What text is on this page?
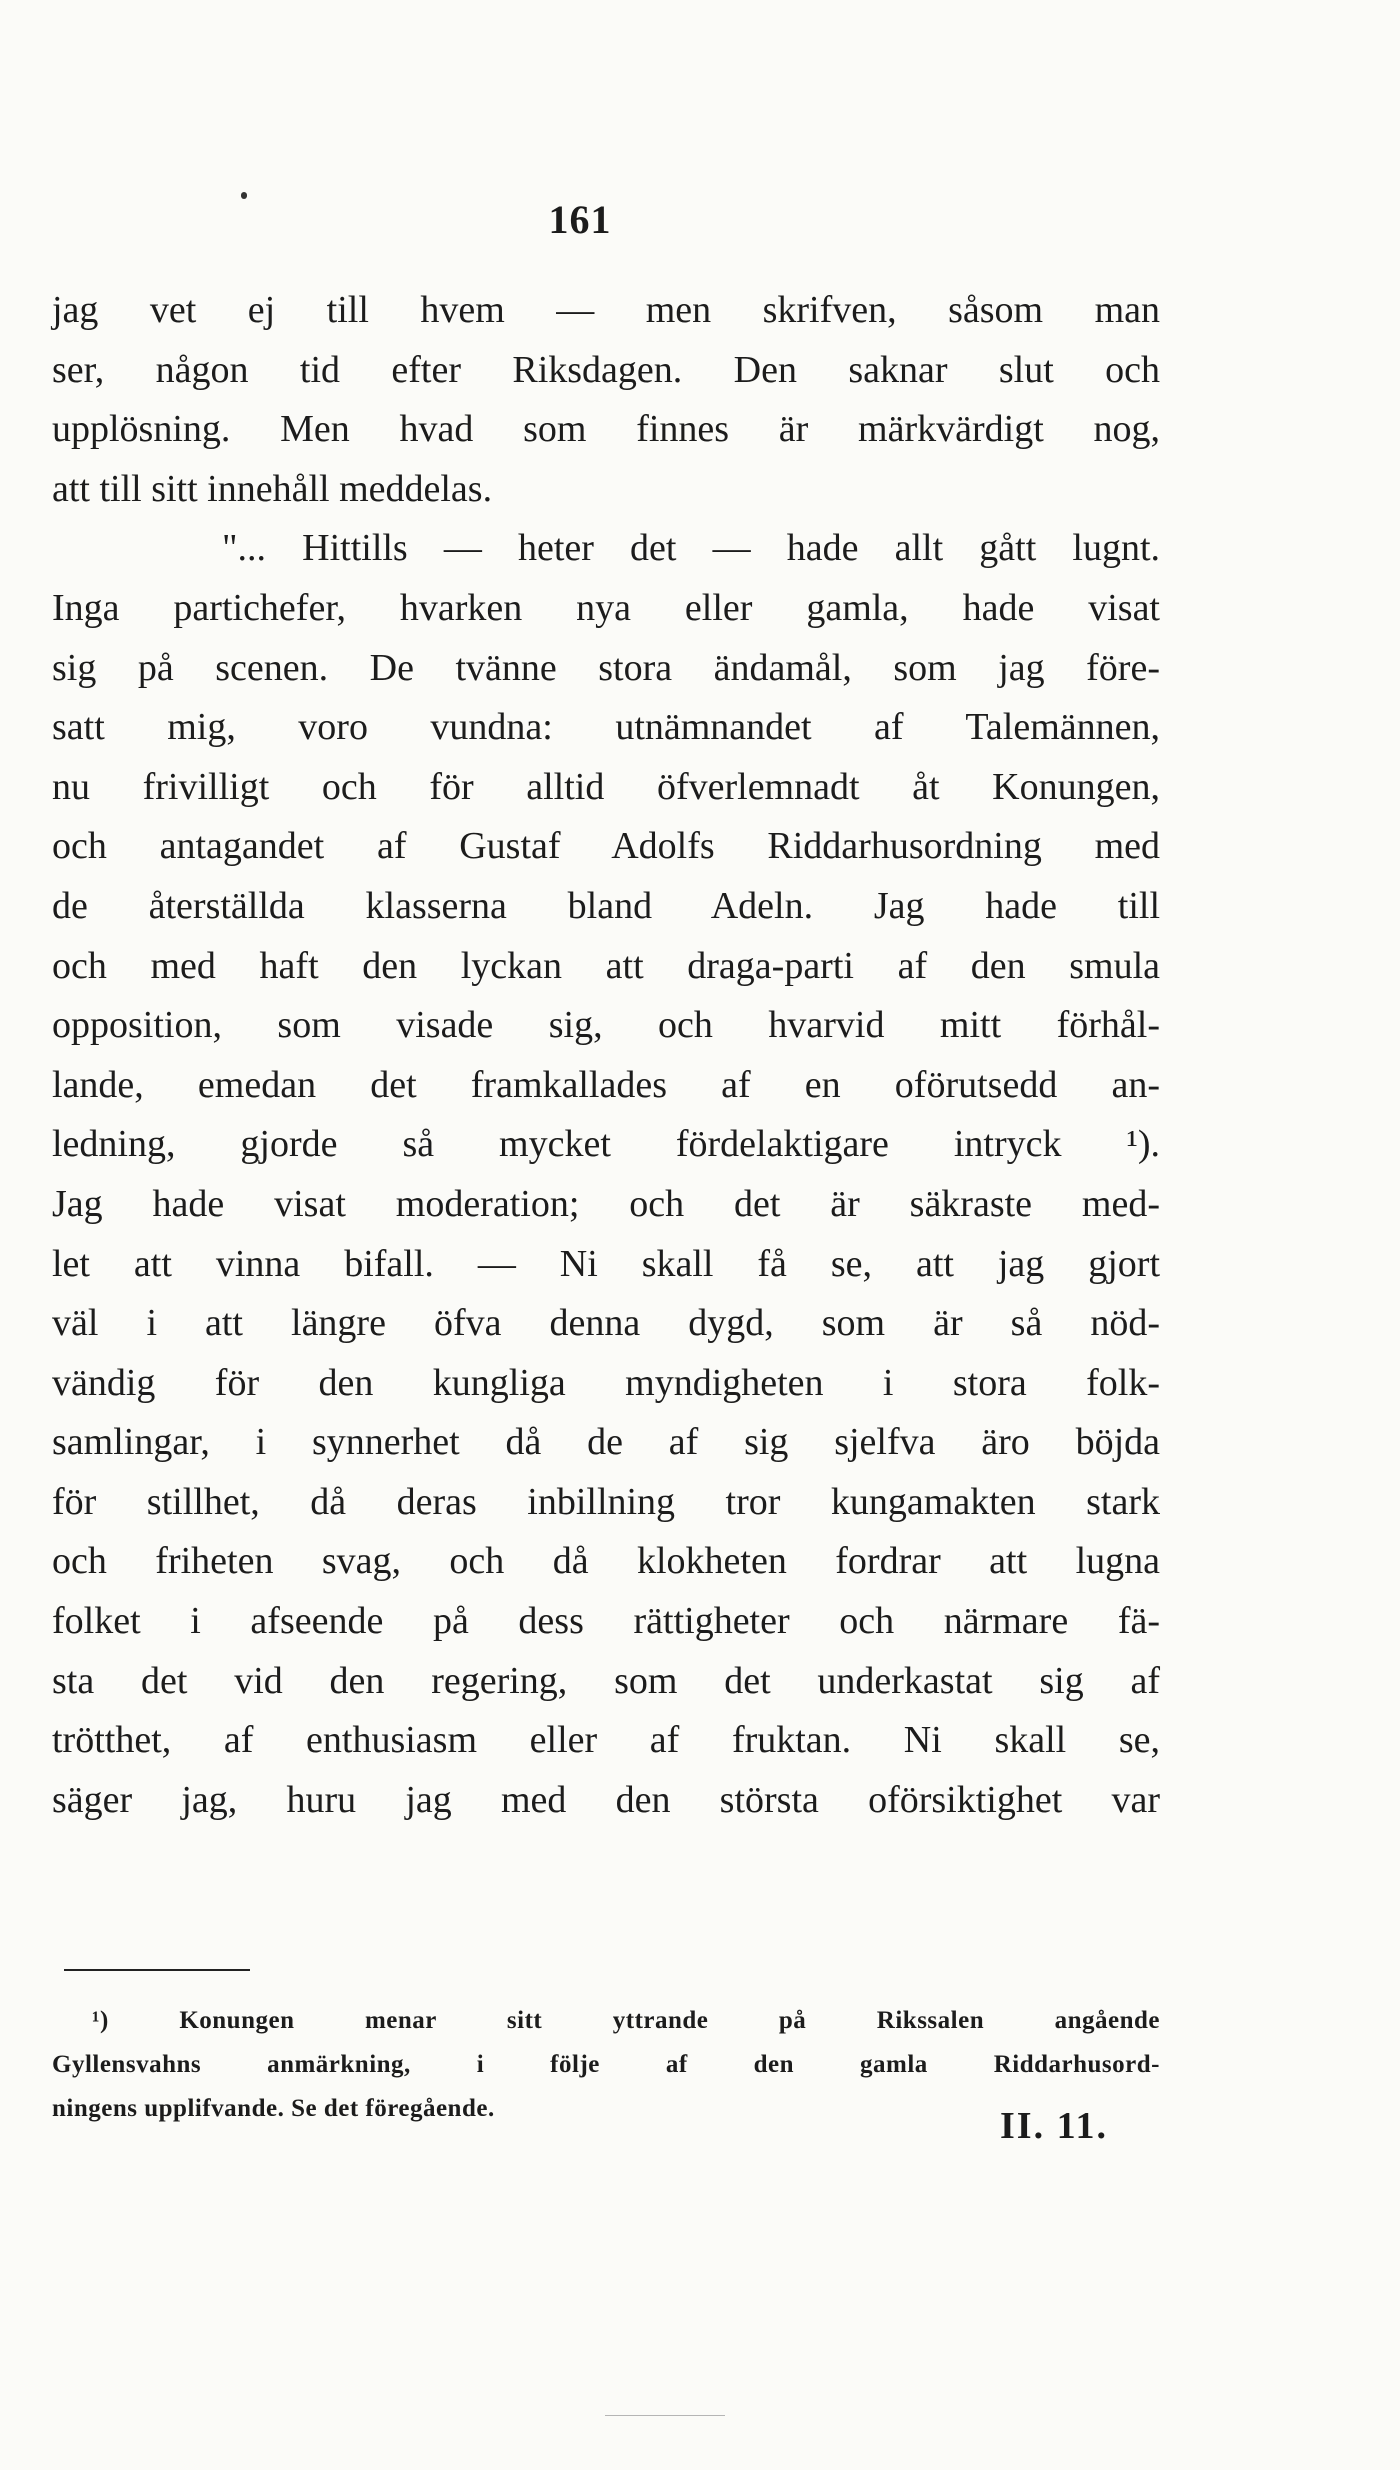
161
jag vet ej till hvem — men skrifven, såsom man
ser, någon tid efter Riksdagen. Den saknar slut och
upplösning. Men hvad som finnes är märkvärdigt nog,
att till sitt innehåll meddelas.
"... Hittills — heter det — hade allt gått lugnt.
Inga partichefer, hvarken nya eller gamla, hade visat
sig på scenen. De tvänne stora ändamål, som jag före-
satt mig, voro vundna: utnämnandet af Talemännen,
nu frivilligt och för alltid öfverlemnadt åt Konungen,
och antagandet af Gustaf Adolfs Riddarhusordning med
de återställda klasserna bland Adeln. Jag hade till
och med haft den lyckan att draga-parti af den smula
opposition, som visade sig, och hvarvid mitt förhål-
lande, emedan det framkallades af en oförutsedd an-
ledning, gjorde så mycket fördelaktigare intryck ¹).
Jag hade visat moderation; och det är säkraste med-
let att vinna bifall. — Ni skall få se, att jag gjort
väl i att längre öfva denna dygd, som är så nöd-
vändig för den kungliga myndigheten i stora folk-
samlingar, i synnerhet då de af sig sjelfva äro böjda
för stillhet, då deras inbillning tror kungamakten stark
och friheten svag, och då klokheten fordrar att lugna
folket i afseende på dess rättigheter och närmare fä-
sta det vid den regering, som det underkastat sig af
trötthet, af enthusiasm eller af fruktan. Ni skall se,
säger jag, huru jag med den största oförsiktighet var
¹) Konungen menar sitt yttrande på Rikssalen angående
Gyllensvahns anmärkning, i följe af den gamla Riddarhusord-
ningens upplifvande. Se det föregående.	II. 11.
